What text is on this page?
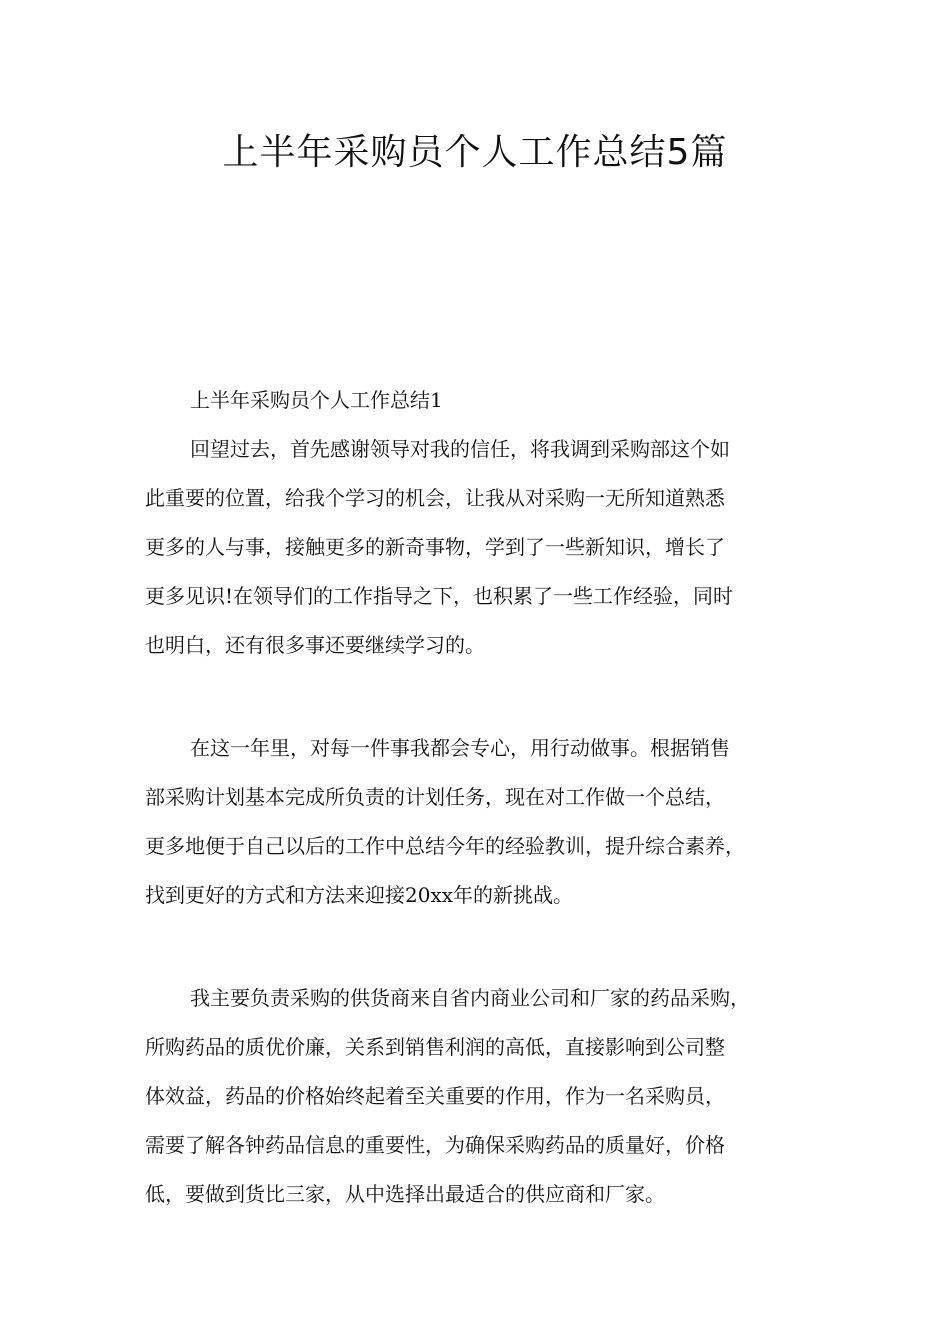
上半年采购员个人工作总结5篇
上半年采购员个人工作总结1

回望过去，首先感谢领导对我的信任，将我调到采购部这个如
此重要的位置，给我个学习的机会，让我从对采购一无所知道熟悉
更多的人与事，接触更多的新奇事物，学到了一些新知识，增长了
更多见识!在领导们的工作指导之下，也积累了一些工作经验，同时
也明白，还有很多事还要继续学习的。

在这一年里，对每一件事我都会专心，用行动做事。根据销售
部采购计划基本完成所负责的计划任务，现在对工作做一个总结，
更多地便于自己以后的工作中总结今年的经验教训，提升综合素养，
找到更好的方式和方法来迎接20xx年的新挑战。

我主要负责采购的供货商来自省内商业公司和厂家的药品采购，
所购药品的质优价廉，关系到销售利润的高低，直接影响到公司整
体效益，药品的价格始终起着至关重要的作用，作为一名采购员，
需要了解各钟药品信息的重要性，为确保采购药品的质量好，价格
低，要做到货比三家，从中选择出最适合的供应商和厂家。
